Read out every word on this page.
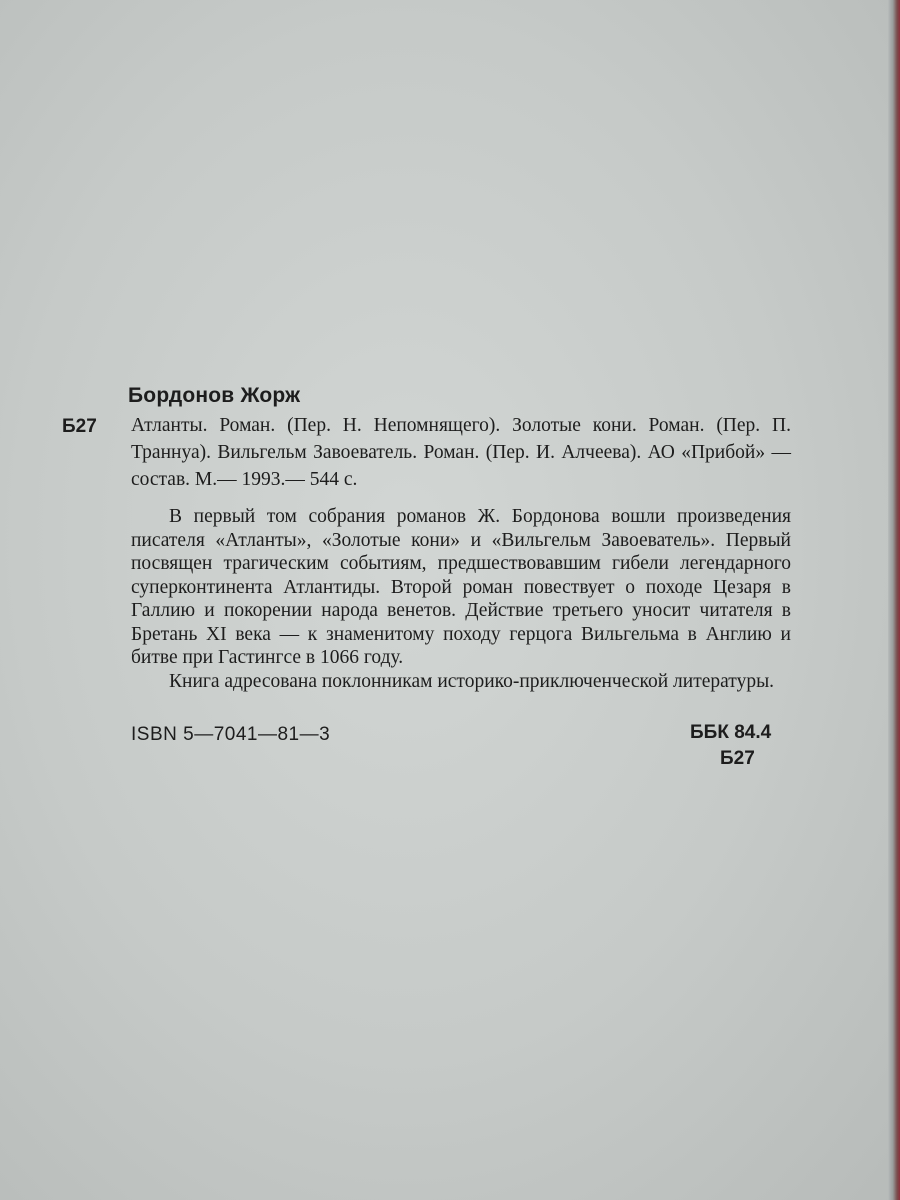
Бордонов Жорж
Б27 Атланты. Роман. (Пер. Н. Непомнящего). Золотые кони. Роман. (Пер. П. Траннуа). Вильгельм Завоеватель. Роман. (Пер. И. Алчеева). АО «Прибой» — состав. М.— 1993.— 544 с.

В первый том собрания романов Ж. Бордонова вошли произведения писателя «Атланты», «Золотые кони» и «Вильгельм Завоеватель». Первый посвящен трагическим событиям, предшествовавшим гибели легендарного суперконтинента Атлантиды. Второй роман повествует о походе Цезаря в Галлию и покорении народа венетов. Действие третьего уносит читателя в Бретань XI века — к знаменитому походу герцога Вильгельма в Англию и битве при Гастингсе в 1066 году.

Книга адресована поклонникам историко-приключенческой литературы.

ISBN 5—7041—81—3	ББК 84.4
Б27
